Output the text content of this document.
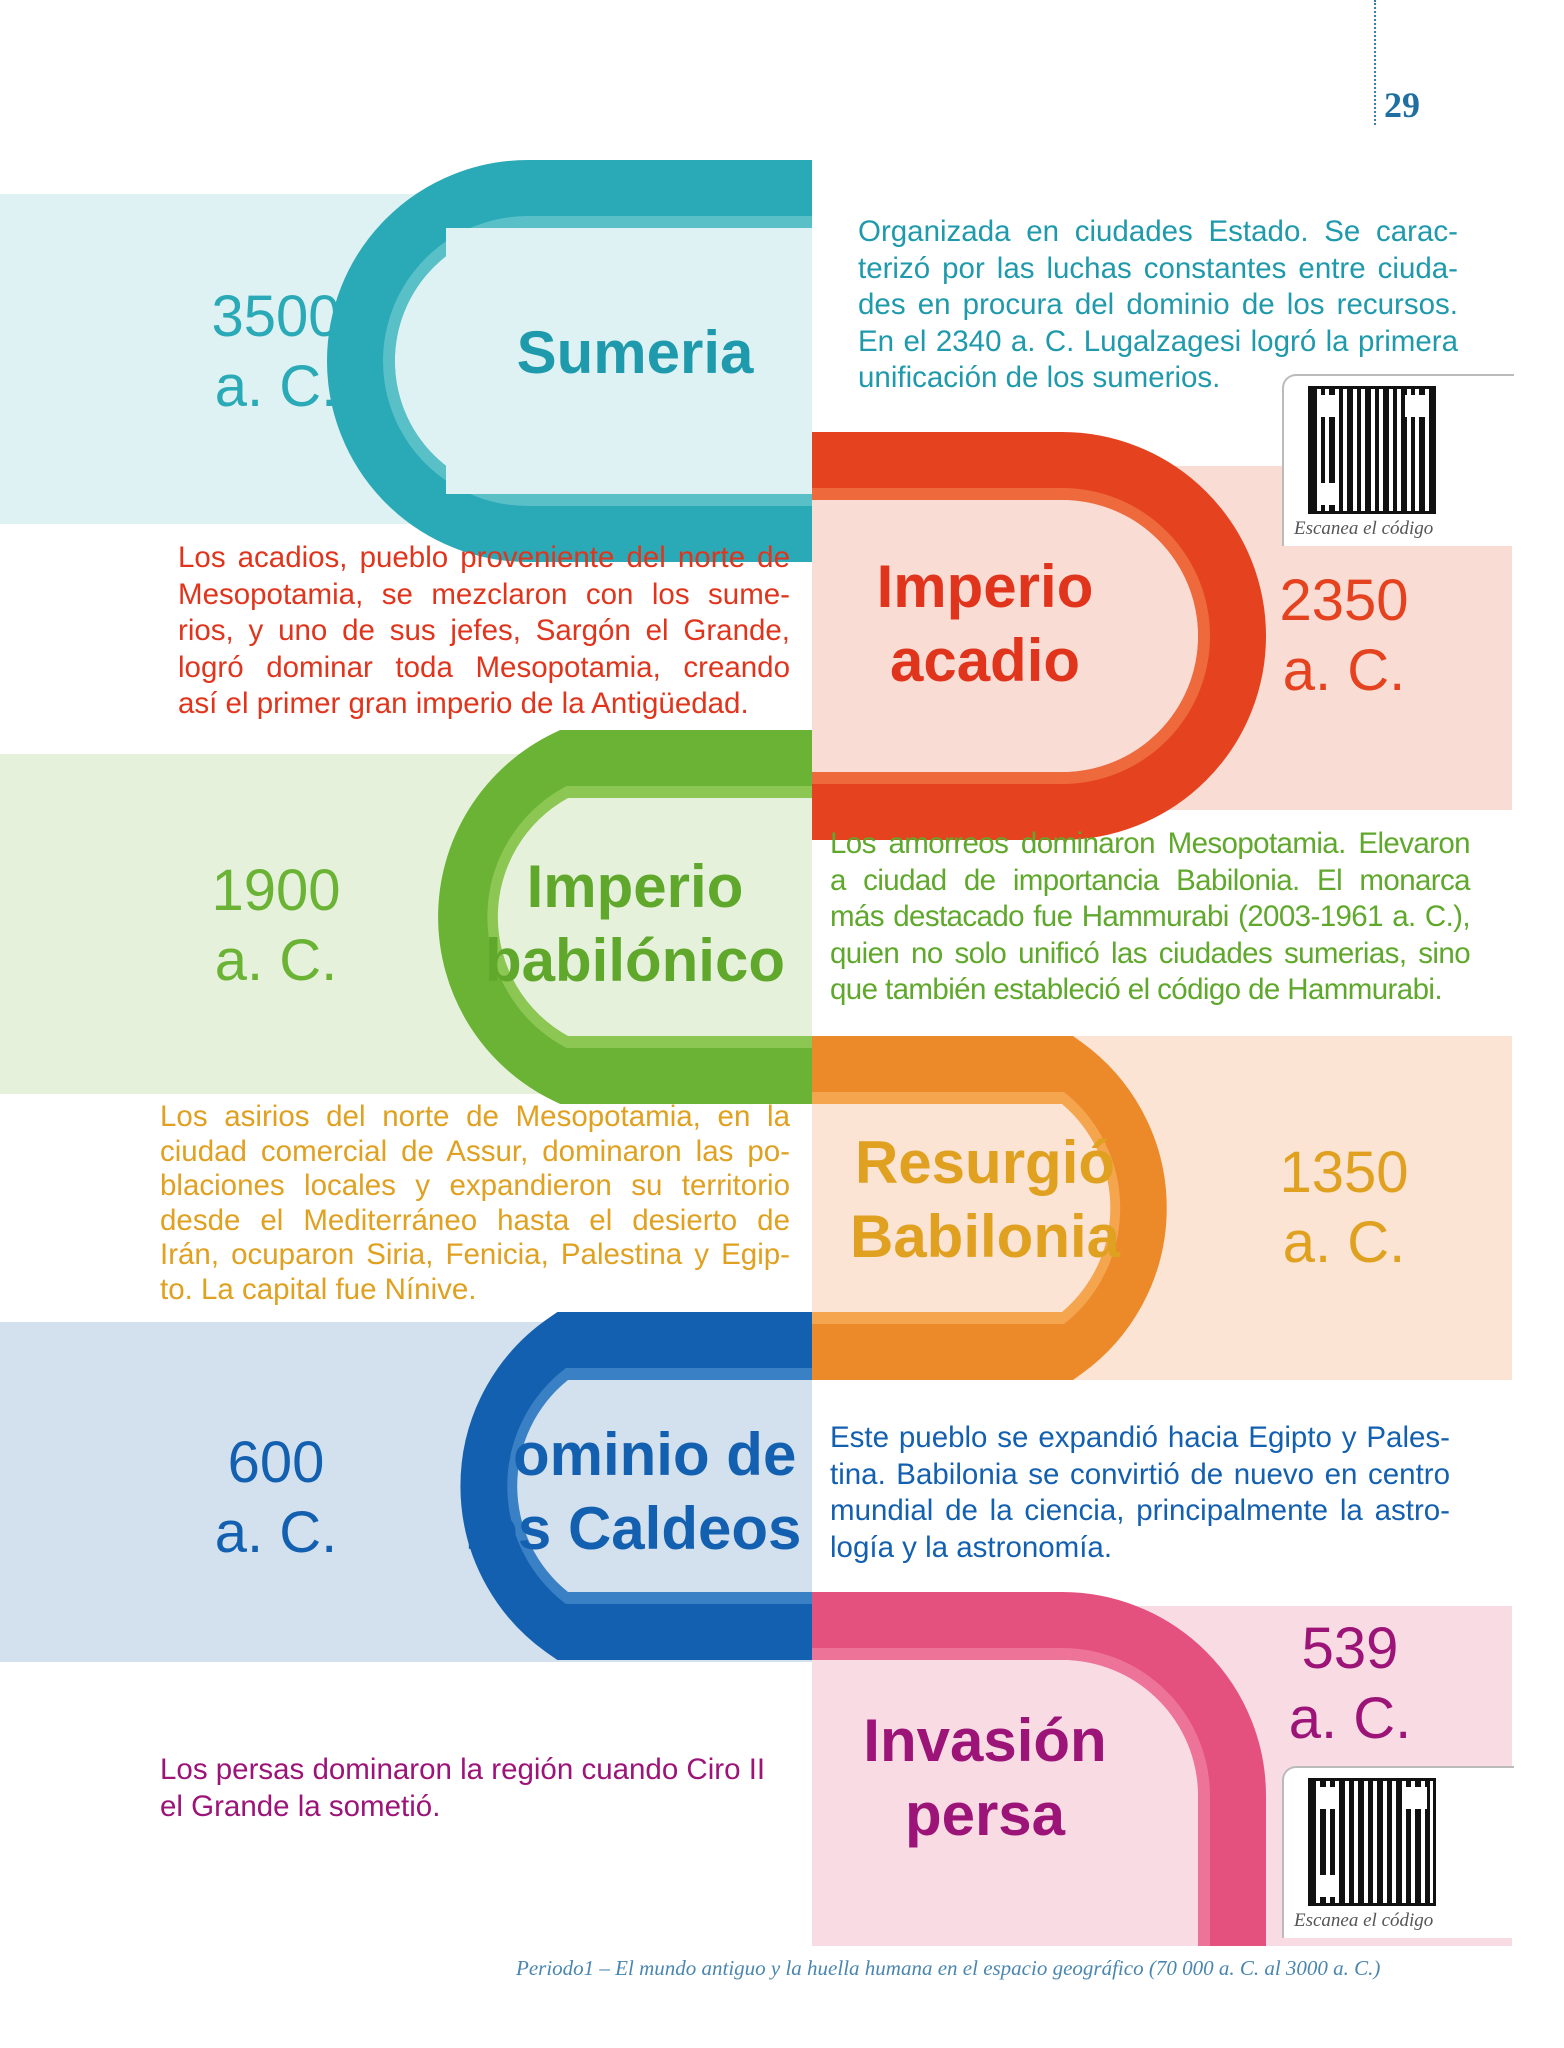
29
Escanea el código
Escanea el código
3500
a. C.
Sumeria
Organizada en ciudades Estado. Se carac-
terizó por las luchas constantes entre ciuda-
des en procura del dominio de los recursos.
En el 2340 a. C. Lugalzagesi logró la primera
unificación de los sumerios.
Los acadios, pueblo proveniente del norte de
Mesopotamia, se mezclaron con los sume-
rios, y uno de sus jefes, Sargón el Grande,
logró dominar toda Mesopotamia, creando
así el primer gran imperio de la Antigüedad.
Imperio
acadio
2350
a. C.
1900
a. C.
Imperio
babilónico
Los amorreos dominaron Mesopotamia. Elevaron
a ciudad de importancia Babilonia. El monarca
más destacado fue Hammurabi (2003-1961 a. C.),
quien no solo unificó las ciudades sumerias, sino
que también estableció el código de Hammurabi.
Los asirios del norte de Mesopotamia, en la
ciudad comercial de Assur, dominaron las po-
blaciones locales y expandieron su territorio
desde el Mediterráneo hasta el desierto de
Irán, ocuparon Siria, Fenicia, Palestina y Egip-
to. La capital fue Nínive.
Resurgió
Babilonia
1350
a. C.
600
a. C.
Dominio de
los Caldeos
Este pueblo se expandió hacia Egipto y Pales-
tina. Babilonia se convirtió de nuevo en centro
mundial de la ciencia, principalmente la astro-
logía y la astronomía.
Los persas dominaron la región cuando Ciro II
el Grande la sometió.
Invasión
persa
539
a. C.
Periodo1 – El mundo antiguo y la huella humana en el espacio geográfico (70 000 a. C. al 3000 a. C.)
